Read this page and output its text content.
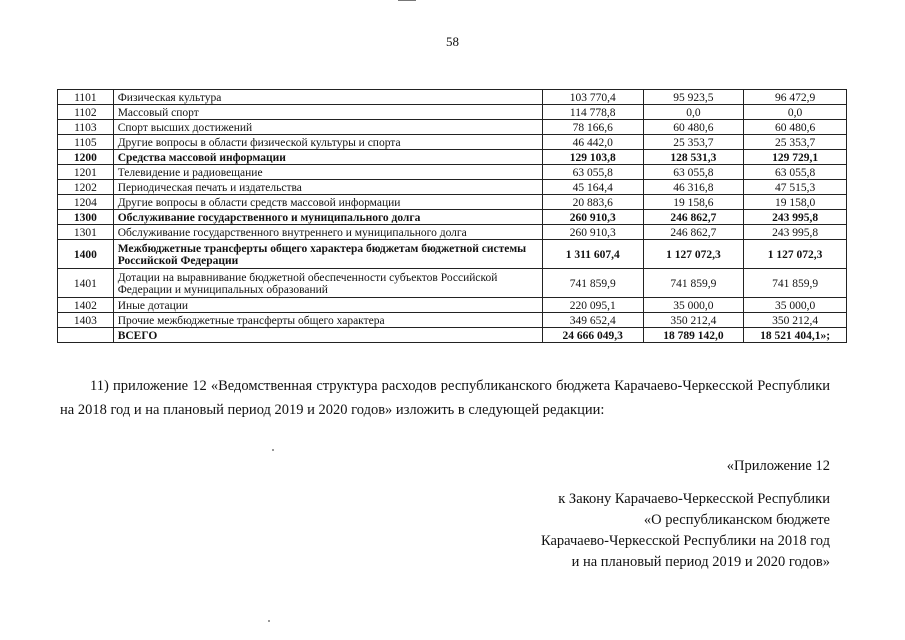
58
1101	Физическая культура	103 770,4	95 923,5	96 472,9
1102	Массовый спорт	114 778,8	0,0	0,0
1103	Спорт высших достижений	78 166,6	60 480,6	60 480,6
1105	Другие вопросы в области физической культуры и спорта	46 442,0	25 353,7	25 353,7
1200	Средства массовой информации	129 103,8	128 531,3	129 729,1
1201	Телевидение и радиовещание	63 055,8	63 055,8	63 055,8
1202	Периодическая печать и издательства	45 164,4	46 316,8	47 515,3
1204	Другие вопросы в области средств массовой информации	20 883,6	19 158,6	19 158,0
1300	Обслуживание государственного и муниципального долга	260 910,3	246 862,7	243 995,8
1301	Обслуживание государственного внутреннего и муниципального долга	260 910,3	246 862,7	243 995,8
1400	Межбюджетные трансферты общего характера бюджетам бюджетной системы Российской Федерации	1 311 607,4	1 127 072,3	1 127 072,3
1401	Дотации на выравнивание бюджетной обеспеченности субъектов Российской Федерации и муниципальных образований	741 859,9	741 859,9	741 859,9
1402	Иные дотации	220 095,1	35 000,0	35 000,0
1403	Прочие межбюджетные трансферты общего характера	349 652,4	350 212,4	350 212,4
	ВСЕГО	24 666 049,3	18 789 142,0	18 521 404,1»;
11) приложение 12 «Ведомственная структура расходов республиканского бюджета Карачаево-Черкесской Республики на 2018 год и на плановый период 2019 и 2020 годов» изложить в следующей редакции:
«Приложение 12
к Закону Карачаево-Черкесской Республики
«О республиканском бюджете
Карачаево-Черкесской Республики на 2018 год
и на плановый период 2019 и 2020 годов»
